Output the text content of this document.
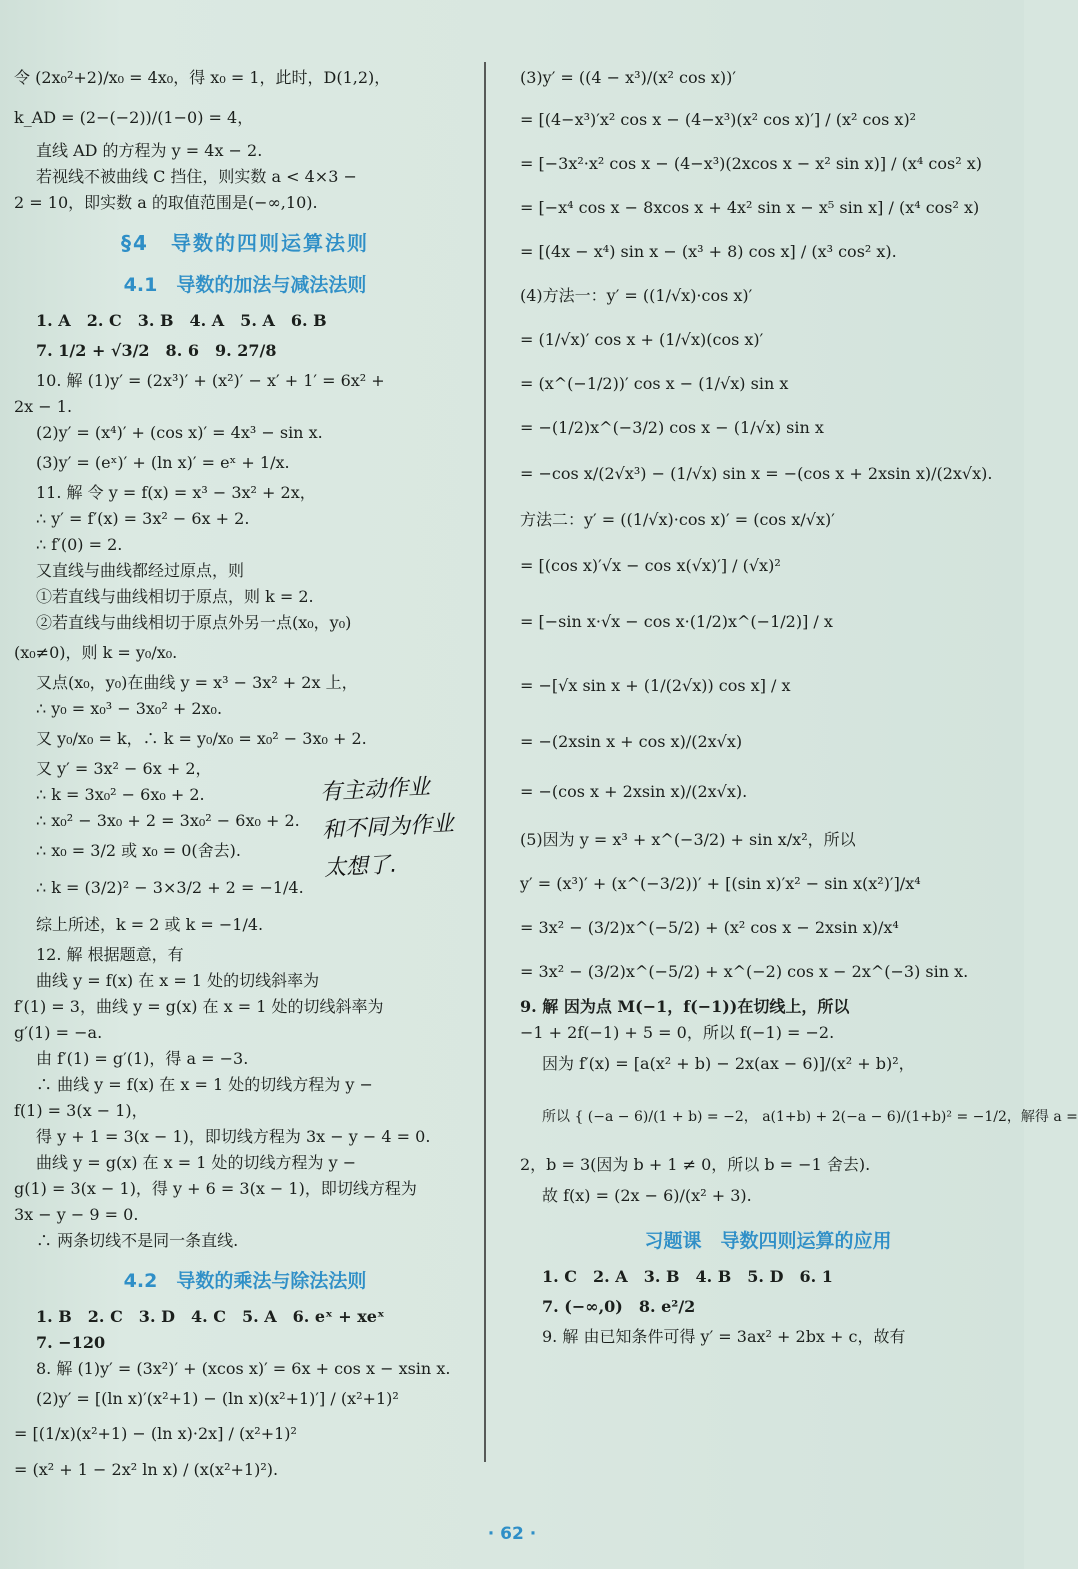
令 (2x₀²+2)/x₀ = 4x₀，得 x₀ = 1，此时，D(1,2)，
k_AD = (2−(−2))/(1−0) = 4，
直线 AD 的方程为 y = 4x − 2.
若视线不被曲线 C 挡住，则实数 a < 4×3 −
2 = 10，即实数 a 的取值范围是(−∞,10).
§4　导数的四则运算法则
4.1　导数的加法与减法法则
1. A　2. C　3. B　4. A　5. A　6. B
7. 1/2 + √3/2　8. 6　9. 27/8
10. 解 (1)y′ = (2x³)′ + (x²)′ − x′ + 1′ = 6x² +
2x − 1.
(2)y′ = (x⁴)′ + (cos x)′ = 4x³ − sin x.
(3)y′ = (eˣ)′ + (ln x)′ = eˣ + 1/x.
11. 解 令 y = f(x) = x³ − 3x² + 2x，
∴ y′ = f′(x) = 3x² − 6x + 2.
∴ f′(0) = 2.
又直线与曲线都经过原点，则
①若直线与曲线相切于原点，则 k = 2.
②若直线与曲线相切于原点外另一点(x₀，y₀)
(x₀≠0)，则 k = y₀/x₀.
又点(x₀，y₀)在曲线 y = x³ − 3x² + 2x 上，
∴ y₀ = x₀³ − 3x₀² + 2x₀.
又 y₀/x₀ = k，∴ k = y₀/x₀ = x₀² − 3x₀ + 2.
又 y′ = 3x² − 6x + 2，
∴ k = 3x₀² − 6x₀ + 2.
∴ x₀² − 3x₀ + 2 = 3x₀² − 6x₀ + 2.
∴ x₀ = 3/2 或 x₀ = 0(舍去).
∴ k = (3/2)² − 3×3/2 + 2 = −1/4.
综上所述，k = 2 或 k = −1/4.
12. 解 根据题意，有
曲线 y = f(x) 在 x = 1 处的切线斜率为
f′(1) = 3，曲线 y = g(x) 在 x = 1 处的切线斜率为
g′(1) = −a.
由 f′(1) = g′(1)，得 a = −3.
∴ 曲线 y = f(x) 在 x = 1 处的切线方程为 y −
f(1) = 3(x − 1)，
得 y + 1 = 3(x − 1)，即切线方程为 3x − y − 4 = 0.
曲线 y = g(x) 在 x = 1 处的切线方程为 y −
g(1) = 3(x − 1)，得 y + 6 = 3(x − 1)，即切线方程为
3x − y − 9 = 0.
∴ 两条切线不是同一条直线.
4.2　导数的乘法与除法法则
1. B　2. C　3. D　4. C　5. A　6. eˣ + xeˣ
7. −120
8. 解 (1)y′ = (3x²)′ + (xcos x)′ = 6x + cos x − xsin x.
(2)y′ = [(ln x)′(x²+1) − (ln x)(x²+1)′] / (x²+1)²
= [(1/x)(x²+1) − (ln x)·2x] / (x²+1)²
= (x² + 1 − 2x² ln x) / (x(x²+1)²).
有主动作业
和不同为作业
太想了.
(3)y′ = ((4 − x³)/(x² cos x))′
= [(4−x³)′x² cos x − (4−x³)(x² cos x)′] / (x² cos x)²
= [−3x²·x² cos x − (4−x³)(2xcos x − x² sin x)] / (x⁴ cos² x)
= [−x⁴ cos x − 8xcos x + 4x² sin x − x⁵ sin x] / (x⁴ cos² x)
= [(4x − x⁴) sin x − (x³ + 8) cos x] / (x³ cos² x).
(4)方法一：y′ = ((1/√x)·cos x)′
= (1/√x)′ cos x + (1/√x)(cos x)′
= (x^(−1/2))′ cos x − (1/√x) sin x
= −(1/2)x^(−3/2) cos x − (1/√x) sin x
= −cos x/(2√x³) − (1/√x) sin x = −(cos x + 2xsin x)/(2x√x).
方法二：y′ = ((1/√x)·cos x)′ = (cos x/√x)′
= [(cos x)′√x − cos x(√x)′] / (√x)²
= [−sin x·√x − cos x·(1/2)x^(−1/2)] / x
= −[√x sin x + (1/(2√x)) cos x] / x
= −(2xsin x + cos x)/(2x√x)
= −(cos x + 2xsin x)/(2x√x).
(5)因为 y = x³ + x^(−3/2) + sin x/x²，所以
y′ = (x³)′ + (x^(−3/2))′ + [(sin x)′x² − sin x(x²)′]/x⁴
= 3x² − (3/2)x^(−5/2) + (x² cos x − 2xsin x)/x⁴
= 3x² − (3/2)x^(−5/2) + x^(−2) cos x − 2x^(−3) sin x.
9. 解 因为点 M(−1，f(−1))在切线上，所以
−1 + 2f(−1) + 5 = 0，所以 f(−1) = −2.
因为 f′(x) = [a(x² + b) − 2x(ax − 6)]/(x² + b)²，
所以 { (−a − 6)/(1 + b) = −2， a(1+b) + 2(−a − 6)/(1+b)² = −1/2，解得 a =
2，b = 3(因为 b + 1 ≠ 0，所以 b = −1 舍去).
故 f(x) = (2x − 6)/(x² + 3).
习题课　导数四则运算的应用
1. C　2. A　3. B　4. B　5. D　6. 1
7. (−∞,0)　8. e²/2
9. 解 由已知条件可得 y′ = 3ax² + 2bx + c，故有
· 62 ·
